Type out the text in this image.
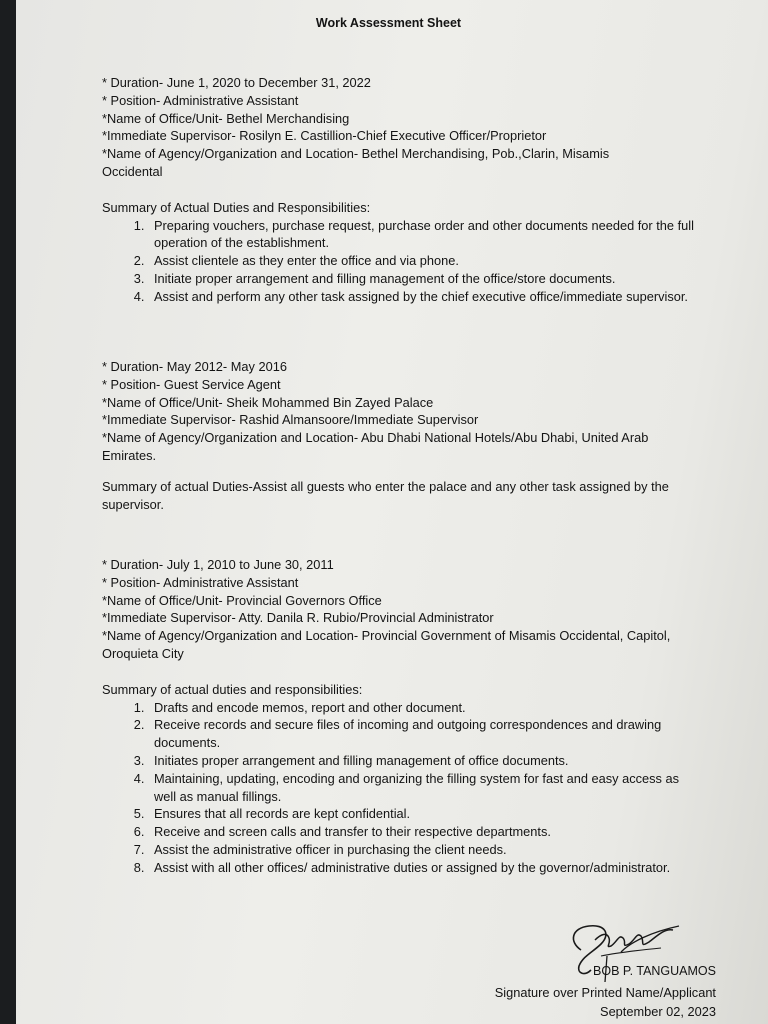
Work Assessment Sheet
* Duration- June 1, 2020 to December 31, 2022
* Position- Administrative Assistant
*Name of Office/Unit- Bethel Merchandising
*Immediate Supervisor- Rosilyn E. Castillion-Chief Executive Officer/Proprietor
*Name of Agency/Organization and Location- Bethel Merchandising, Pob.,Clarin, Misamis Occidental
Summary of Actual Duties and Responsibilities:
1. Preparing vouchers, purchase request, purchase order and other documents needed for the full operation of the establishment.
2. Assist clientele as they enter the office and via phone.
3. Initiate proper arrangement and filling management of the office/store documents.
4. Assist and perform any other task assigned by the chief executive office/immediate supervisor.
* Duration- May 2012- May 2016
* Position- Guest Service Agent
*Name of Office/Unit- Sheik Mohammed Bin Zayed Palace
*Immediate Supervisor- Rashid Almansoore/Immediate Supervisor
*Name of Agency/Organization and Location- Abu Dhabi National Hotels/Abu Dhabi, United Arab Emirates.
Summary of actual Duties-Assist all guests who enter the palace and any other task assigned by the supervisor.
* Duration- July 1, 2010 to June 30, 2011
* Position- Administrative Assistant
*Name of Office/Unit- Provincial Governors Office
*Immediate Supervisor- Atty. Danila R. Rubio/Provincial Administrator
*Name of Agency/Organization and Location- Provincial Government of Misamis Occidental, Capitol, Oroquieta City
Summary of actual duties and responsibilities:
1. Drafts and encode memos, report and other document.
2. Receive records and secure files of incoming and outgoing correspondences and drawing documents.
3. Initiates proper arrangement and filling management of office documents.
4. Maintaining, updating, encoding and organizing the filling system for fast and easy access as well as manual fillings.
5. Ensures that all records are kept confidential.
6. Receive and screen calls and transfer to their respective departments.
7. Assist the administrative officer in purchasing the client needs.
8. Assist with all other offices/ administrative duties or assigned by the governor/administrator.
BOB P. TANGUAMOS
Signature over Printed Name/Applicant
September 02, 2023
